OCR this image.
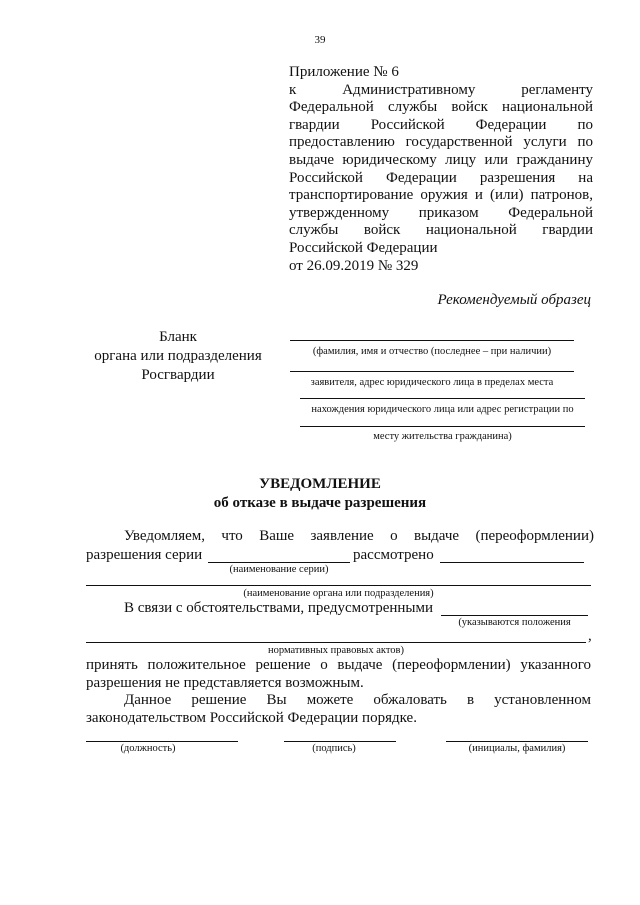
39
Приложение № 6
к Административному регламенту
Федеральной службы войск национальной
гвардии Российской Федерации по
предоставлению государственной услуги по
выдаче юридическому лицу или гражданину
Российской Федерации разрешения на
транспортирование оружия и (или) патронов,
утвержденному приказом Федеральной
службы войск национальной гвардии
Российской Федерации
от 26.09.2019 № 329
Рекомендуемый образец
Бланк
органа или подразделения
Росгвардии
(фамилия, имя и отчество (последнее – при наличии)
заявителя, адрес юридического лица в пределах места
нахождения юридического лица или адрес регистрации по
месту жительства гражданина)
УВЕДОМЛЕНИЕ
об отказе в выдаче разрешения
Уведомляем, что Ваше заявление о выдаче (переоформлении)
разрешения серии	рассмотрено
(наименование серии)
(наименование органа или подразделения)
В связи с обстоятельствами, предусмотренными
(указываются положения
,
нормативных правовых актов)
принять положительное решение о выдаче (переоформлении) указанного
разрешения не представляется возможным.
Данное решение Вы можете обжаловать в установленном
законодательством Российской Федерации порядке.
(должность)	(подпись)	(инициалы, фамилия)
